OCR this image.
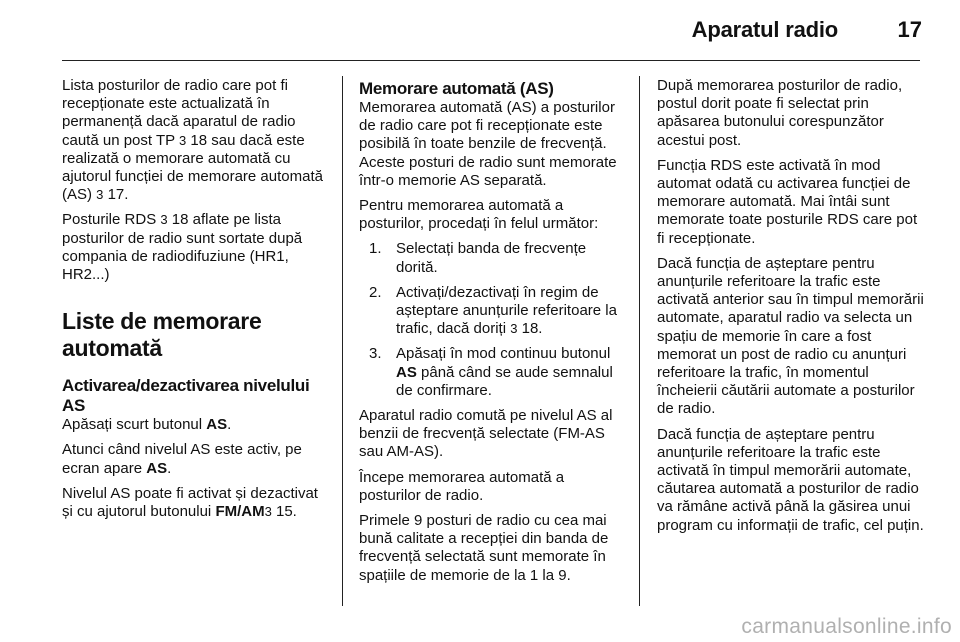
Aparatul radio	17

Lista posturilor de radio care pot fi recepționate este actualizată în permanență dacă aparatul de radio caută un post TP 3 18 sau dacă este realizată o memorare automată cu ajutorul funcției de memorare automată (AS) 3 17.

Posturile RDS 3 18 aflate pe lista posturilor de radio sunt sortate după compania de radiodifuziune (HR1, HR2...)

Liste de memorare automată
Activarea/dezactivarea nivelului AS

Apăsați scurt butonul AS.

Atunci când nivelul AS este activ, pe ecran apare AS.

Nivelul AS poate fi activat și dezactivat și cu ajutorul butonului FM/AM3 15.

Memorare automată (AS)

Memorarea automată (AS) a posturilor de radio care pot fi recepționate este posibilă în toate benzile de frecvență. Aceste posturi de radio sunt memorate într-o memorie AS separată.

Pentru memorarea automată a posturilor, procedați în felul următor:

1. Selectați banda de frecvențe dorită.
2. Activați/dezactivați în regim de așteptare anunțurile referitoare la trafic, dacă doriți 3 18.
3. Apăsați în mod continuu butonul AS până când se aude semnalul de confirmare.

Aparatul radio comută pe nivelul AS al benzii de frecvență selectate (FM-AS sau AM-AS).

Începe memorarea automată a posturilor de radio.

Primele 9 posturi de radio cu cea mai bună calitate a recepției din banda de frecvență selectată sunt memorate în spațiile de memorie de la 1 la 9.

După memorarea posturilor de radio, postul dorit poate fi selectat prin apăsarea butonului corespunzător acestui post.

Funcția RDS este activată în mod automat odată cu activarea funcției de memorare automată. Mai întâi sunt memorate toate posturile RDS care pot fi recepționate.

Dacă funcția de așteptare pentru anunțurile referitoare la trafic este activată anterior sau în timpul memorării automate, aparatul radio va selecta un spațiu de memorie în care a fost memorat un post de radio cu anunțuri referitoare la trafic, în momentul încheierii căutării automate a posturilor de radio.

Dacă funcția de așteptare pentru anunțurile referitoare la trafic este activată în timpul memorării automate, căutarea automată a posturilor de radio va rămâne activă până la găsirea unui program cu informații de trafic, cel puțin.

carmanualsonline.info
